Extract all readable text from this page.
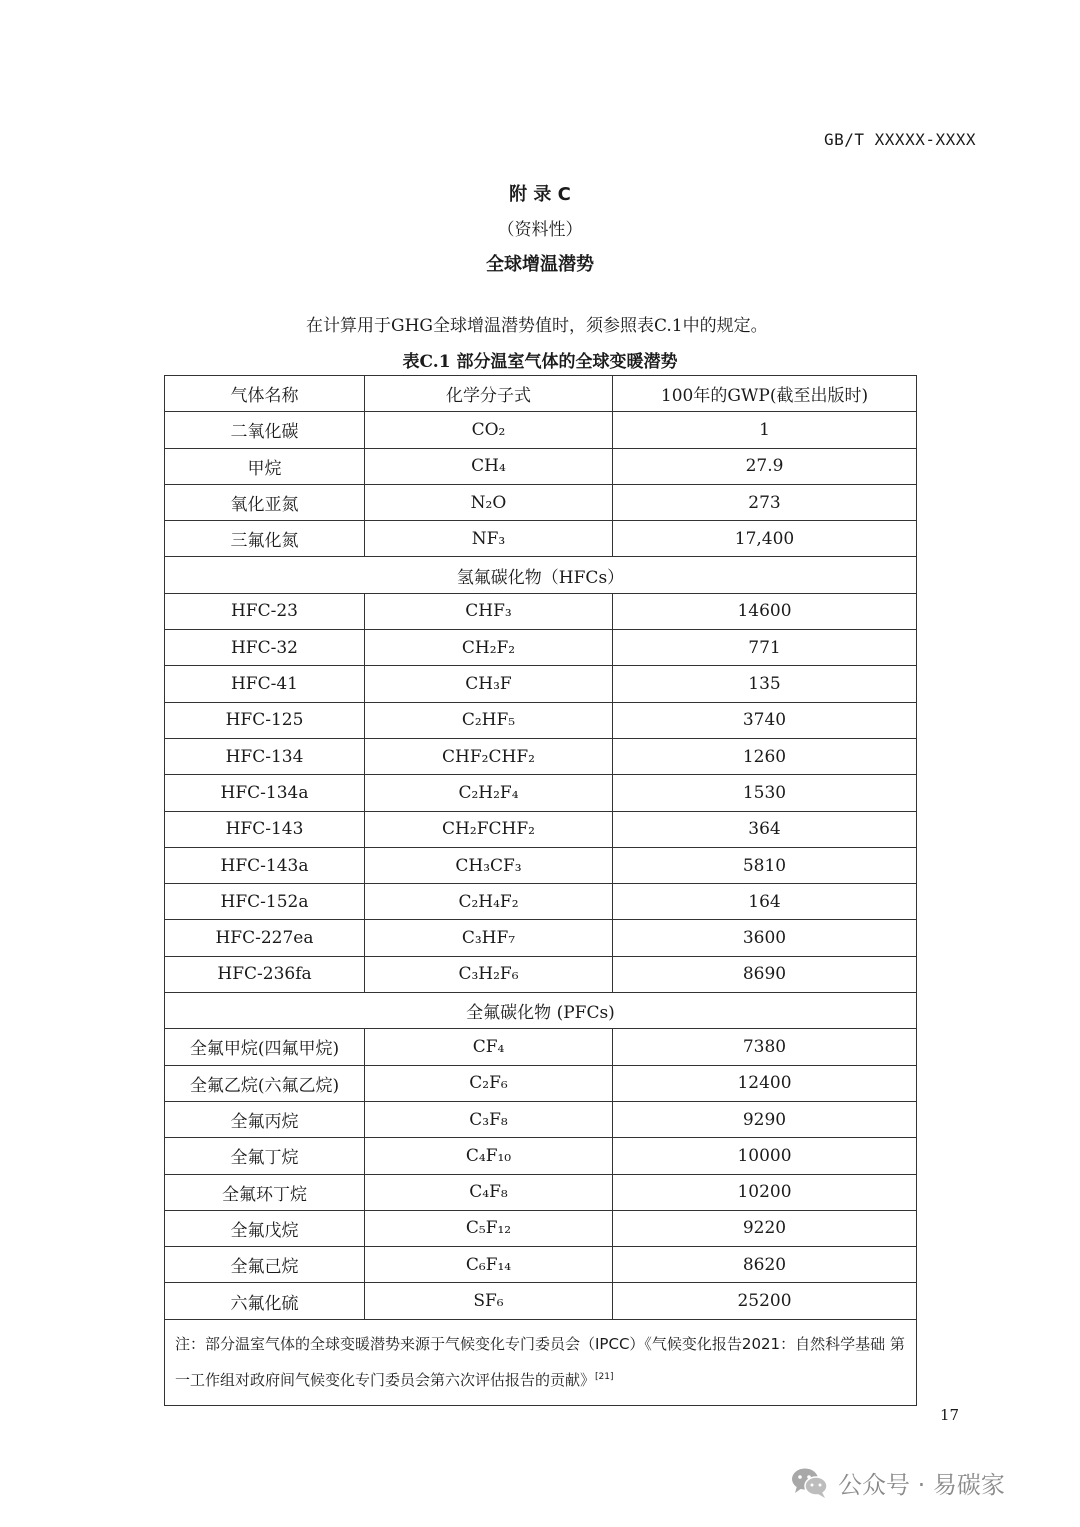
GB/T XXXXX-XXXX
附 录 C
（资料性）
全球增温潜势
在计算用于GHG全球增温潜势值时，须参照表C.1中的规定。
表C.1 部分温室气体的全球变暖潜势
气体名称	化学分子式	100年的GWP(截至出版时)
二氧化碳	CO₂	1
甲烷	CH₄	27.9
氧化亚氮	N₂O	273
三氟化氮	NF₃	17,400
氢氟碳化物（HFCs）		
HFC-23	CHF₃	14600
HFC-32	CH₂F₂	771
HFC-41	CH₃F	135
HFC-125	C₂HF₅	3740
HFC-134	CHF₂CHF₂	1260
HFC-134a	C₂H₂F₄	1530
HFC-143	CH₂FCHF₂	364
HFC-143a	CH₃CF₃	5810
HFC-152a	C₂H₄F₂	164
HFC-227ea	C₃HF₇	3600
HFC-236fa	C₃H₂F₆	8690
全氟碳化物 (PFCs)		
全氟甲烷(四氟甲烷)	CF₄	7380
全氟乙烷(六氟乙烷)	C₂F₆	12400
全氟丙烷	C₃F₈	9290
全氟丁烷	C₄F₁₀	10000
全氟环丁烷	C₄F₈	10200
全氟戊烷	C₅F₁₂	9220
全氟己烷	C₆F₁₄	8620
六氟化硫	SF₆	25200
注：部分温室气体的全球变暖潜势来源于气候变化专门委员会（IPCC）《气候变化报告2021：自然科学基础 第一工作组对政府间气候变化专门委员会第六次评估报告的贡献》[21]
17
公众号 · 易碳家
